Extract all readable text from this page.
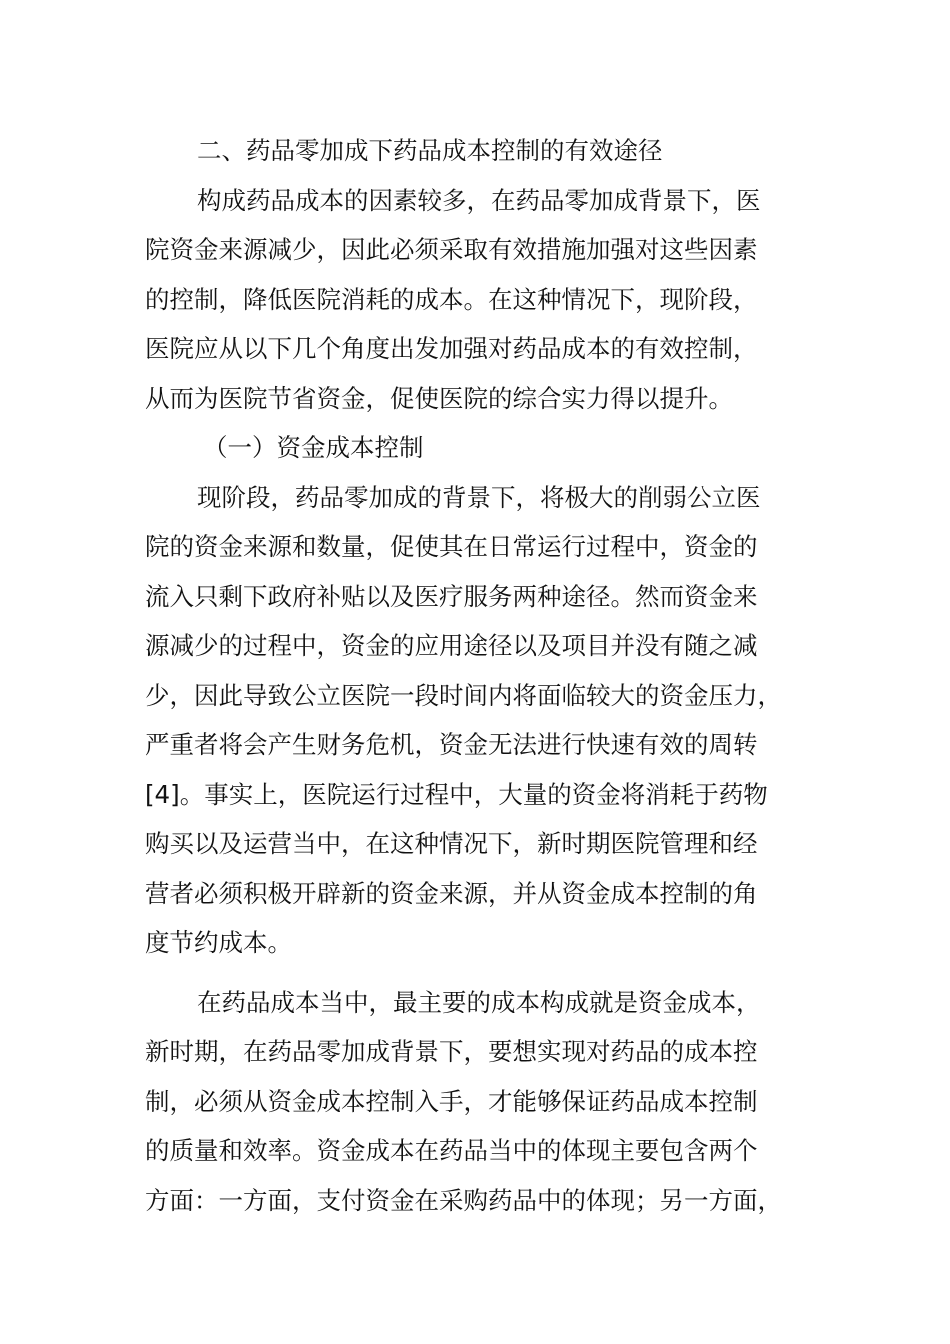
二、药品零加成下药品成本控制的有效途径
构成药品成本的因素较多，在药品零加成背景下，医
院资金来源减少，因此必须采取有效措施加强对这些因素
的控制，降低医院消耗的成本。在这种情况下，现阶段，
医院应从以下几个角度出发加强对药品成本的有效控制，
从而为医院节省资金，促使医院的综合实力得以提升。
（一）资金成本控制
现阶段，药品零加成的背景下，将极大的削弱公立医
院的资金来源和数量，促使其在日常运行过程中，资金的
流入只剩下政府补贴以及医疗服务两种途径。然而资金来
源减少的过程中，资金的应用途径以及项目并没有随之减
少，因此导致公立医院一段时间内将面临较大的资金压力，
严重者将会产生财务危机，资金无法进行快速有效的周转
[4]。事实上，医院运行过程中，大量的资金将消耗于药物
购买以及运营当中，在这种情况下，新时期医院管理和经
营者必须积极开辟新的资金来源，并从资金成本控制的角
度节约成本。
在药品成本当中，最主要的成本构成就是资金成本，
新时期，在药品零加成背景下，要想实现对药品的成本控
制，必须从资金成本控制入手，才能够保证药品成本控制
的质量和效率。资金成本在药品当中的体现主要包含两个
方面：一方面，支付资金在采购药品中的体现；另一方面，
